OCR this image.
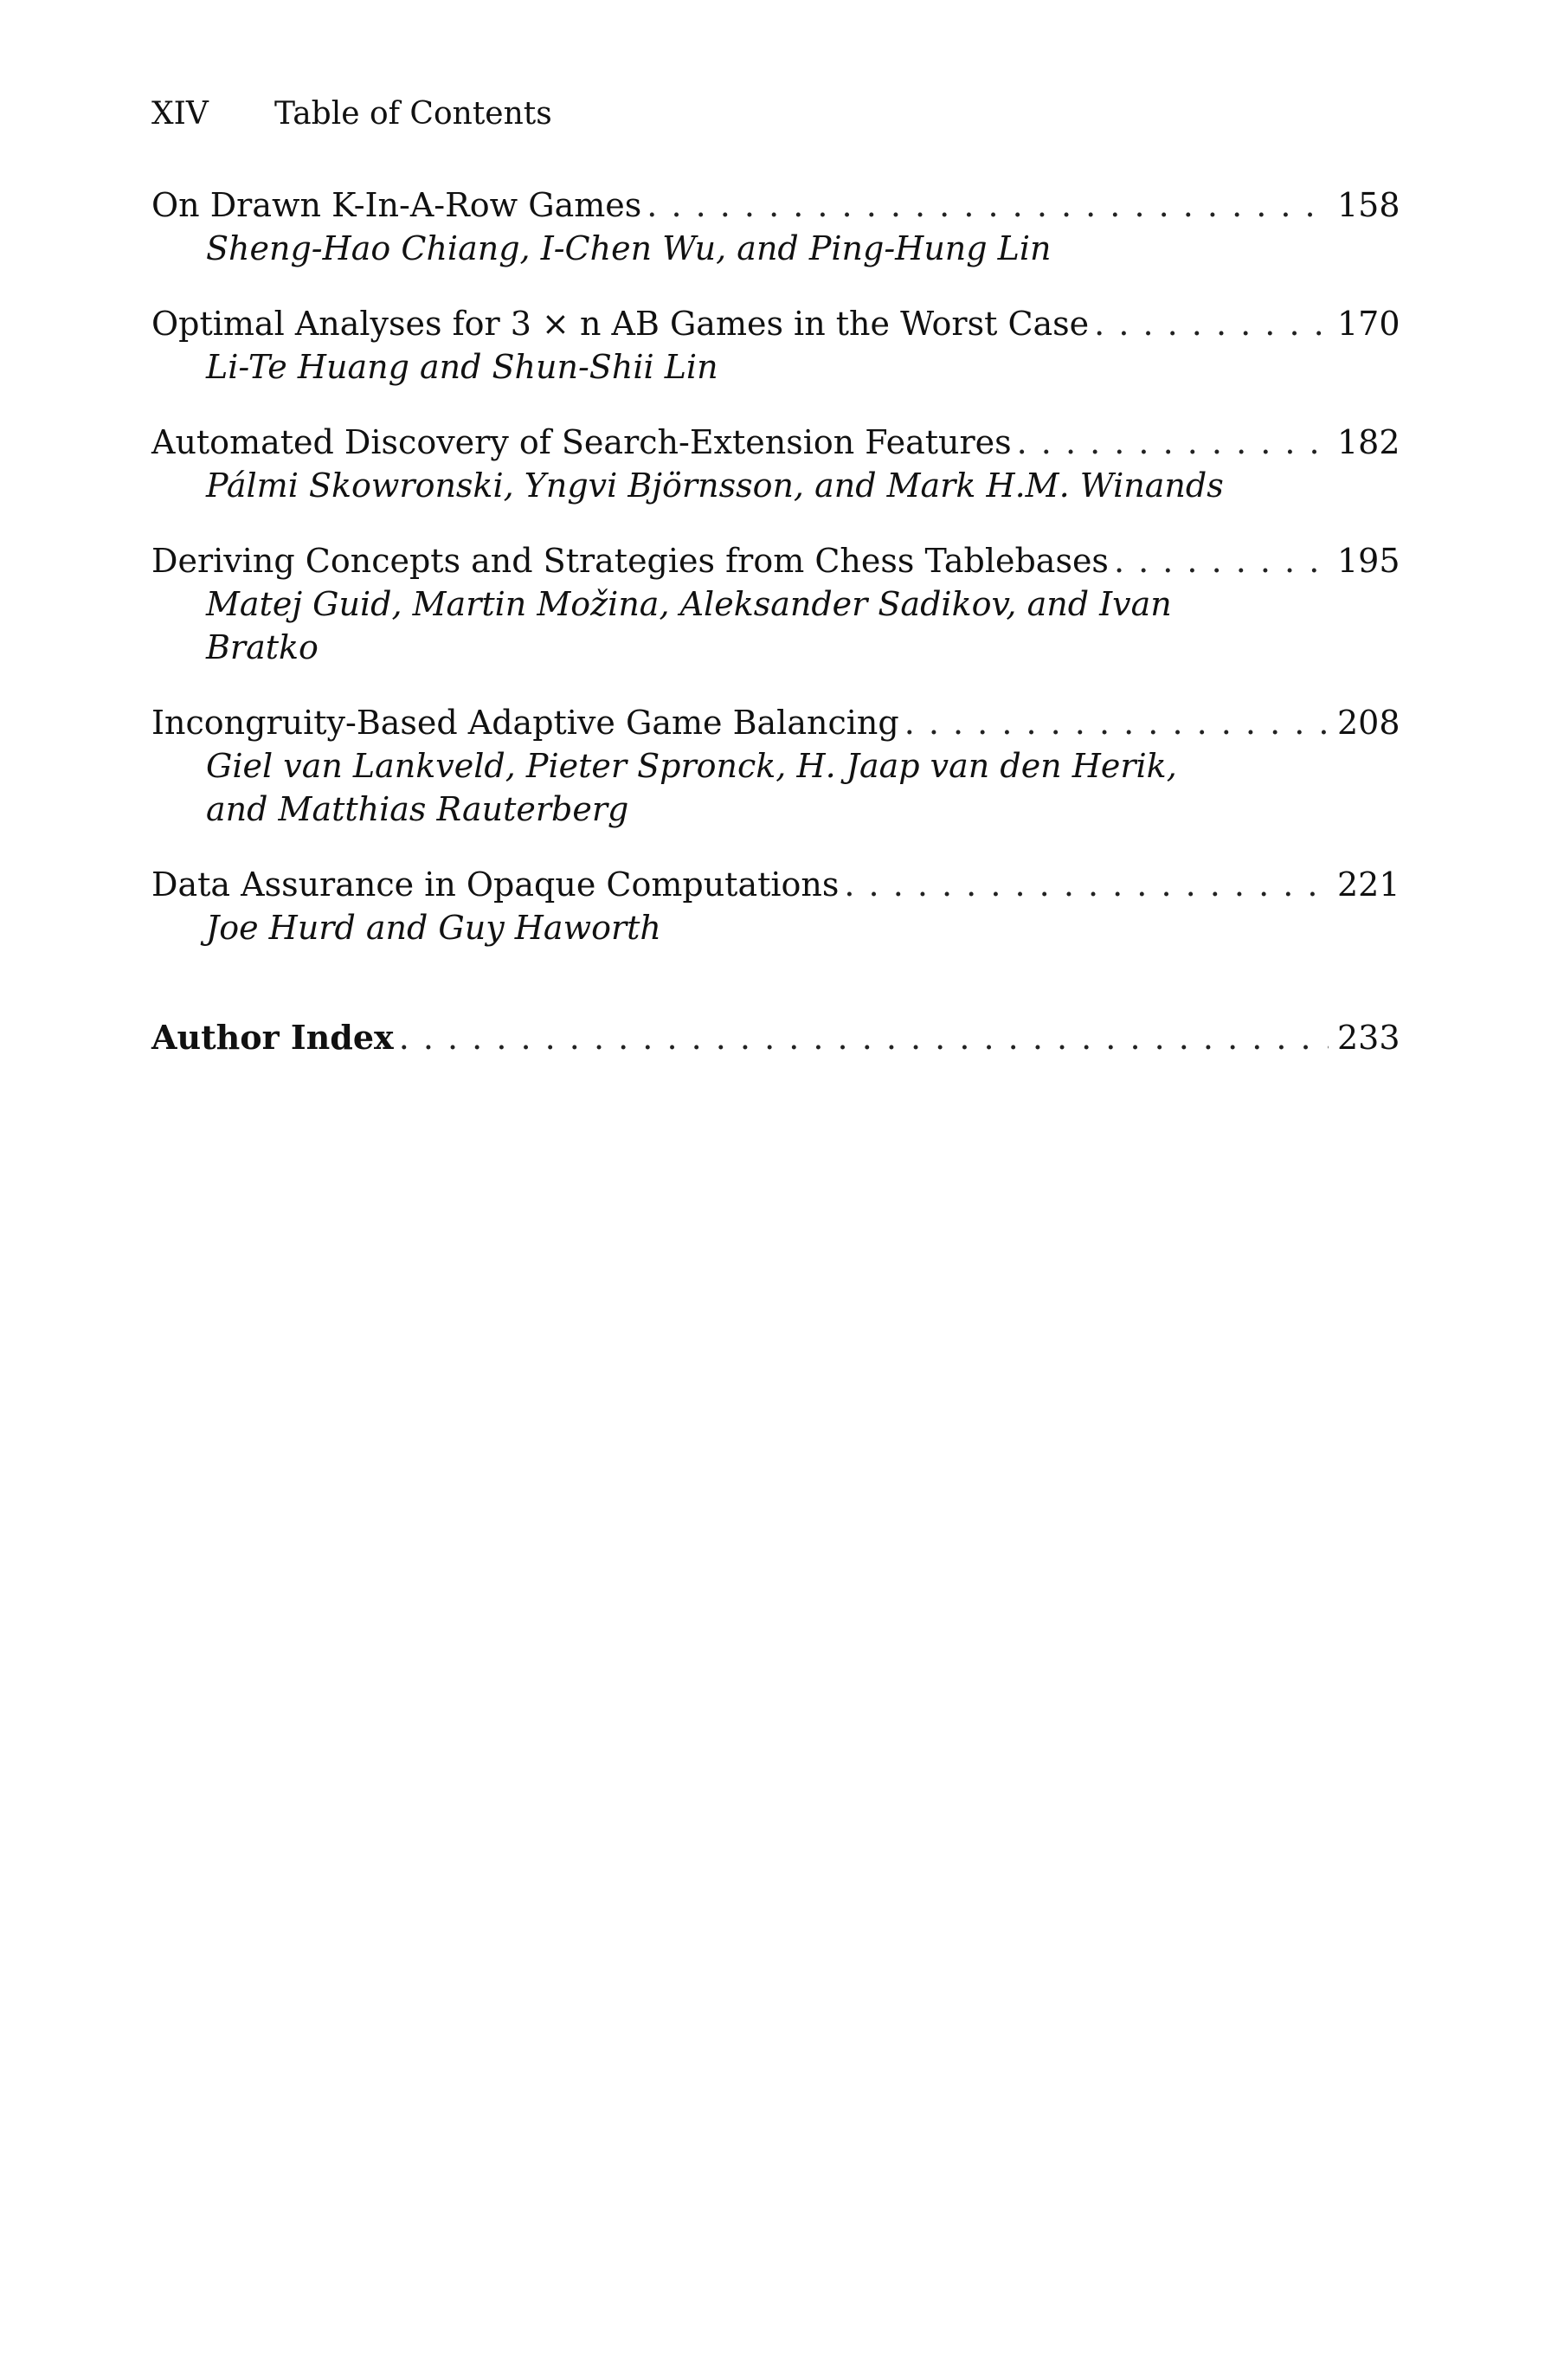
XIV Table of Contents
On Drawn K-In-A-Row Games . . .	158
Sheng-Hao Chiang, I-Chen Wu, and Ping-Hung Lin
Optimal Analyses for 3 × n AB Games in the Worst Case . . .	170
Li-Te Huang and Shun-Shii Lin
Automated Discovery of Search-Extension Features . . .	182
Pálmi Skowronski, Yngvi Björnsson, and Mark H.M. Winands
Deriving Concepts and Strategies from Chess Tablebases . . .	195
Matej Guid, Martin Možina, Aleksander Sadikov, and Ivan Bratko
Incongruity-Based Adaptive Game Balancing . . .	208
Giel van Lankveld, Pieter Spronck, H. Jaap van den Herik, and Matthias Rauterberg
Data Assurance in Opaque Computations . . .	221
Joe Hurd and Guy Haworth
Author Index . . .	233
